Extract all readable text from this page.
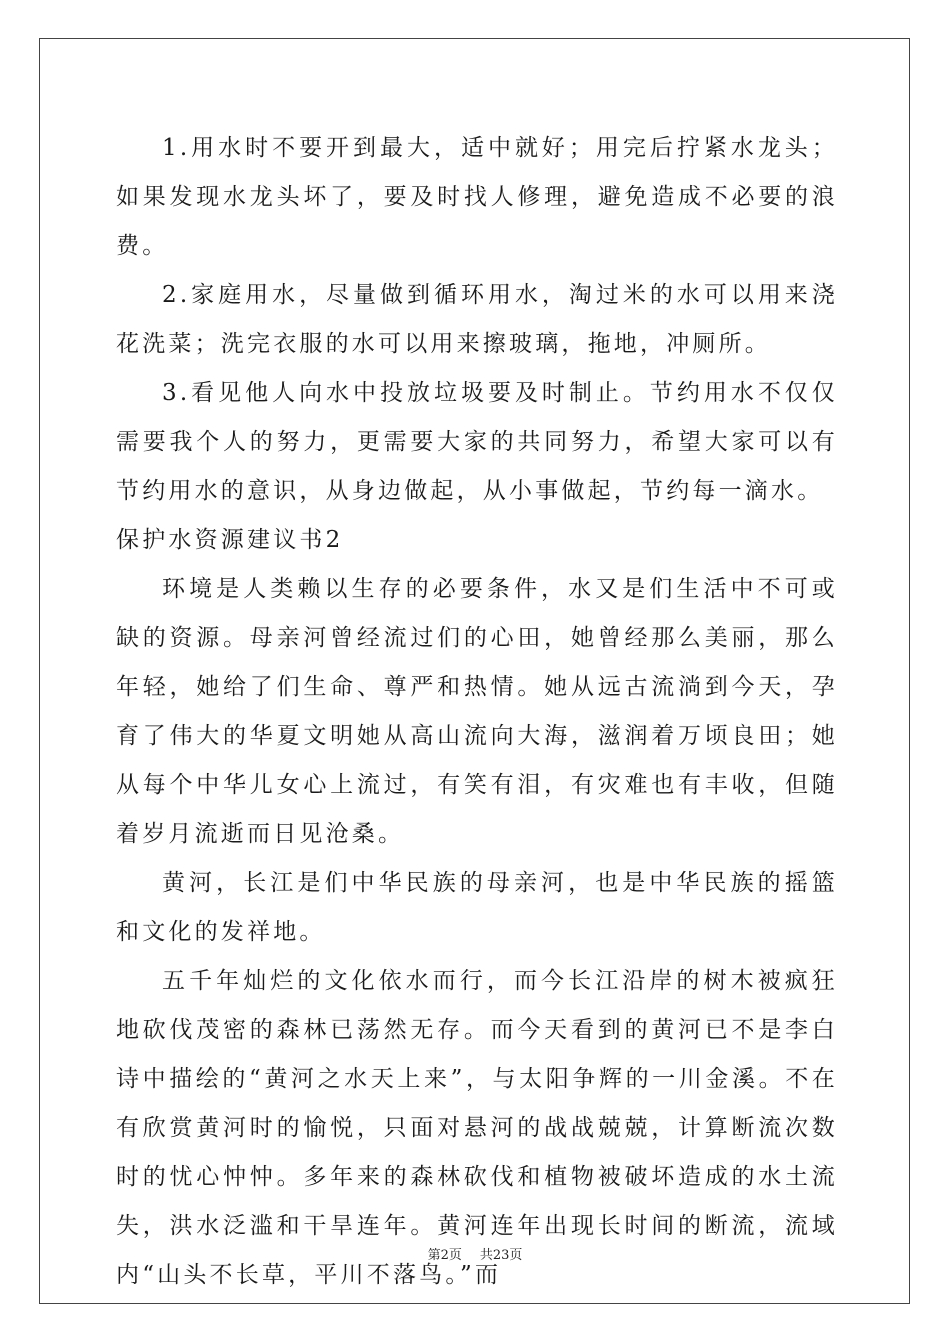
1.用水时不要开到最大，适中就好；用完后拧紧水龙头；如果发现水龙头坏了，要及时找人修理，避免造成不必要的浪费。

2.家庭用水，尽量做到循环用水，淘过米的水可以用来浇花洗菜；洗完衣服的水可以用来擦玻璃，拖地，冲厕所。

3.看见他人向水中投放垃圾要及时制止。节约用水不仅仅需要我个人的努力，更需要大家的共同努力，希望大家可以有节约用水的意识，从身边做起，从小事做起，节约每一滴水。

保护水资源建议书2

环境是人类赖以生存的必要条件，水又是们生活中不可或缺的资源。母亲河曾经流过们的心田，她曾经那么美丽，那么年轻，她给了们生命、尊严和热情。她从远古流淌到今天，孕育了伟大的华夏文明她从高山流向大海，滋润着万顷良田；她从每个中华儿女心上流过，有笑有泪，有灾难也有丰收，但随着岁月流逝而日见沧桑。

黄河，长江是们中华民族的母亲河，也是中华民族的摇篮和文化的发祥地。

五千年灿烂的文化依水而行，而今长江沿岸的树木被疯狂地砍伐茂密的森林已荡然无存。而今天看到的黄河已不是李白诗中描绘的“黄河之水天上来”，与太阳争辉的一川金溪。不在有欣赏黄河时的愉悦，只面对悬河的战战兢兢，计算断流次数时的忧心忡忡。多年来的森林砍伐和植物被破坏造成的水土流失，洪水泛滥和干旱连年。黄河连年出现长时间的断流，流域内“山头不长草，平川不落鸟。”而

第2页 共23页
